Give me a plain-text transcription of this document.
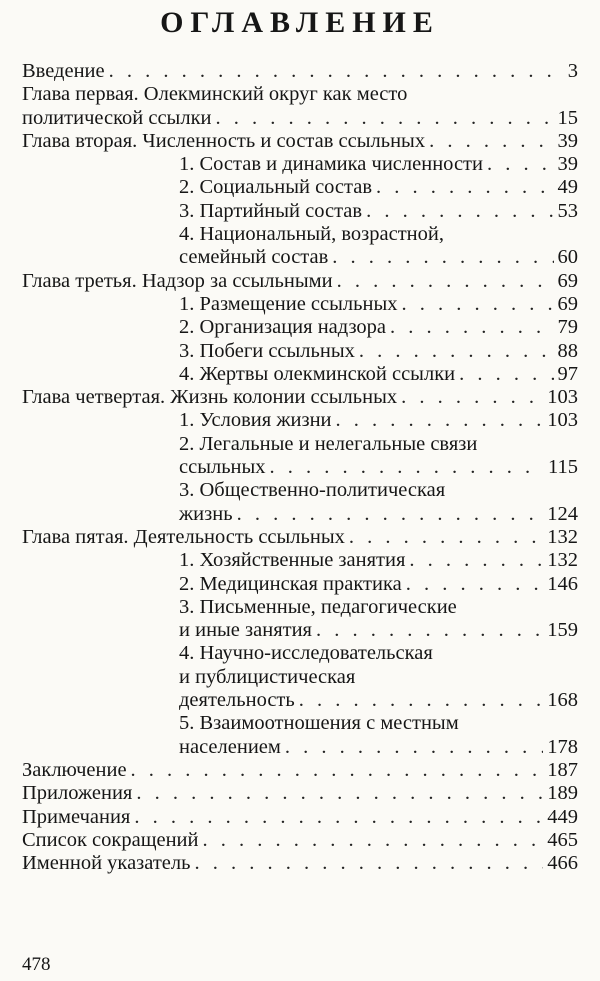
ОГЛАВЛЕНИЕ
Введение . . .	3
Глава первая. Олекминский округ как место
политической ссылки . . .	15
Глава вторая. Численность и состав ссыльных . . .	39
1. Состав и динамика численности . . .	39
2. Социальный состав . . .	49
3. Партийный состав . . .	53
4. Национальный, возрастной,
семейный состав . . .	60
Глава третья. Надзор за ссыльными . . .	69
1. Размещение ссыльных . . .	69
2. Организация надзора . . .	79
3. Побеги ссыльных . . .	88
4. Жертвы олекминской ссылки . . .	97
Глава четвертая. Жизнь колонии ссыльных . . .	103
1. Условия жизни . . .	103
2. Легальные и нелегальные связи
ссыльных . . .	115
3. Общественно-политическая
жизнь . . .	124
Глава пятая. Деятельность ссыльных . . .	132
1. Хозяйственные занятия . . .	132
2. Медицинская практика . . .	146
3. Письменные, педагогические
и иные занятия . . .	159
4. Научно-исследовательская
и публицистическая
деятельность . . .	168
5. Взаимоотношения с местным
населением . . .	178
Заключение . . .	187
Приложения . . .	189
Примечания . . .	449
Список сокращений . . .	465
Именной указатель . . .	466
478
